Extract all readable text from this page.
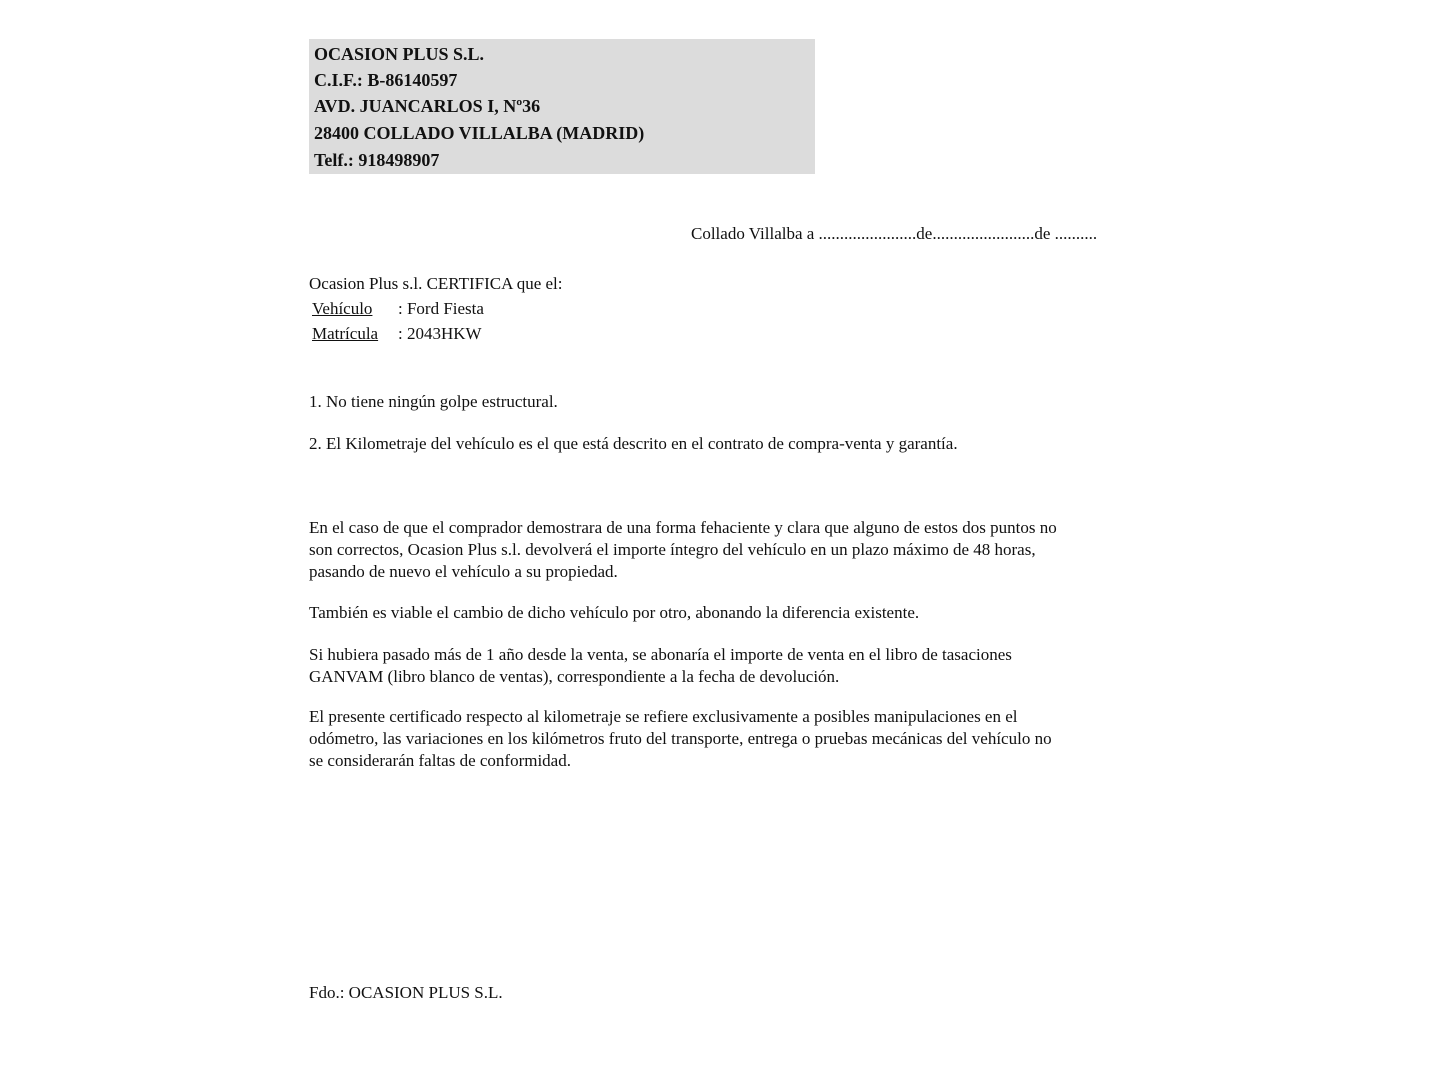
OCASION PLUS S.L.
C.I.F.: B-86140597
AVD. JUANCARLOS I, Nº36
28400 COLLADO VILLALBA (MADRID)
Telf.: 918498907
Collado Villalba a .......................de........................de ..........
Ocasion Plus s.l. CERTIFICA que el:
Vehículo : Ford Fiesta
Matrícula : 2043HKW
1. No tiene ningún golpe estructural.
2. El Kilometraje del vehículo es el que está descrito en el contrato de compra-venta y garantía.
En el caso de que el comprador demostrara de una forma fehaciente y clara que alguno de estos dos puntos no
son correctos, Ocasion Plus s.l. devolverá el importe íntegro del vehículo en un plazo máximo de 48 horas,
pasando de nuevo el vehículo a su propiedad.
También es viable el cambio de dicho vehículo por otro, abonando la diferencia existente.
Si hubiera pasado más de 1 año desde la venta, se abonaría el importe de venta en el libro de tasaciones
GANVAM (libro blanco de ventas), correspondiente a la fecha de devolución.
El presente certificado respecto al kilometraje se refiere exclusivamente a posibles manipulaciones en el
odómetro, las variaciones en los kilómetros fruto del transporte, entrega o pruebas mecánicas del vehículo no
se considerarán faltas de conformidad.
Fdo.: OCASION PLUS S.L.
